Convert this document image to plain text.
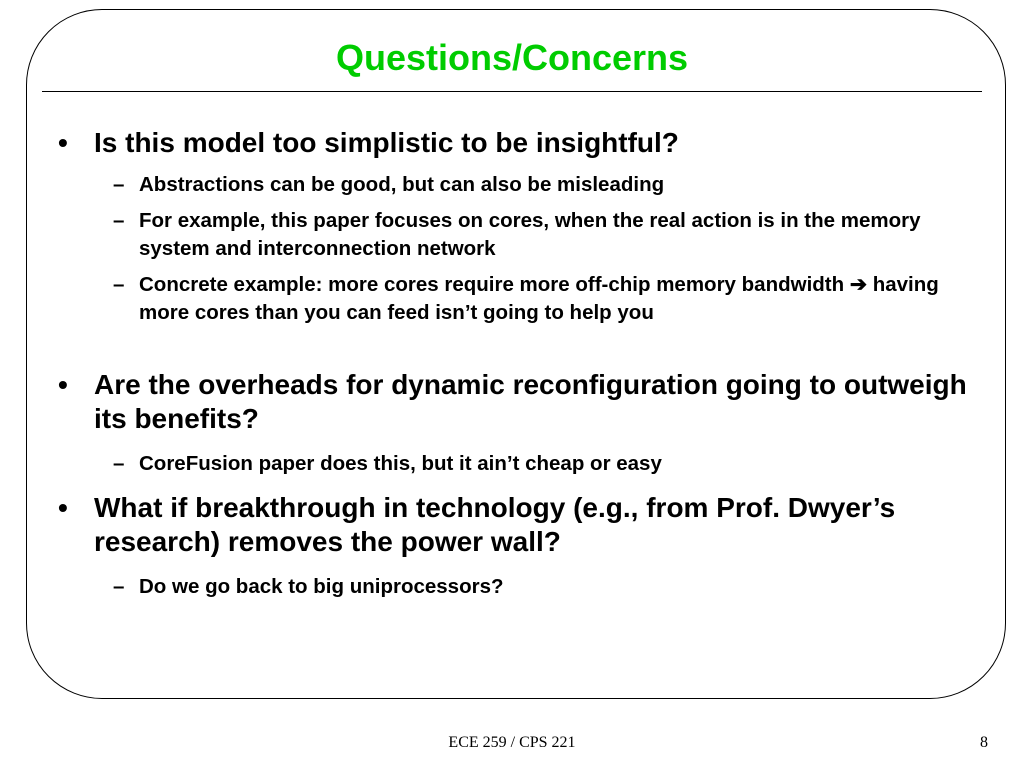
Questions/Concerns
• Is this model too simplistic to be insightful?
– Abstractions can be good, but can also be misleading
– For example, this paper focuses on cores, when the real action is in the memory system and interconnection network
– Concrete example: more cores require more off-chip memory bandwidth ➔ having more cores than you can feed isn’t going to help you
• Are the overheads for dynamic reconfiguration going to outweigh its benefits?
– CoreFusion paper does this, but it ain’t cheap or easy
• What if breakthrough in technology (e.g., from Prof. Dwyer’s research) removes the power wall?
– Do we go back to big uniprocessors?
ECE 259 / CPS 221	8
